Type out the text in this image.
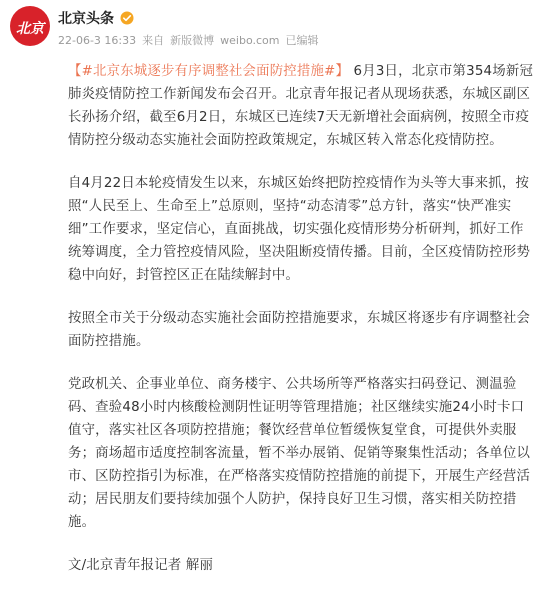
北京
北京头条
22-06-3 16:33 来自 新版微博 weibo.com 已编辑

【#北京东城逐步有序调整社会面防控措施#】 6月3日，北京市第354场新冠肺炎疫情防控工作新闻发布会召开。北京青年报记者从现场获悉，东城区副区长孙扬介绍，截至6月2日，东城区已连续7天无新增社会面病例，按照全市疫情防控分级动态实施社会面防控政策规定，东城区转入常态化疫情防控。

自4月22日本轮疫情发生以来，东城区始终把防控疫情作为头等大事来抓，按照“人民至上、生命至上”总原则，坚持“动态清零”总方针，落实“快严准实细”工作要求，坚定信心，直面挑战，切实强化疫情形势分析研判，抓好工作统筹调度，全力管控疫情风险，坚决阻断疫情传播。目前，全区疫情防控形势稳中向好，封管控区正在陆续解封中。

按照全市关于分级动态实施社会面防控措施要求，东城区将逐步有序调整社会面防控措施。

党政机关、企事业单位、商务楼宇、公共场所等严格落实扫码登记、测温验码、查验48小时内核酸检测阴性证明等管理措施；社区继续实施24小时卡口值守，落实社区各项防控措施；餐饮经营单位暂缓恢复堂食，可提供外卖服务；商场超市适度控制客流量，暂不举办展销、促销等聚集性活动；各单位以市、区防控指引为标准，在严格落实疫情防控措施的前提下，开展生产经营活动；居民朋友们要持续加强个人防护，保持良好卫生习惯，落实相关防控措施。

文/北京青年报记者 解丽
